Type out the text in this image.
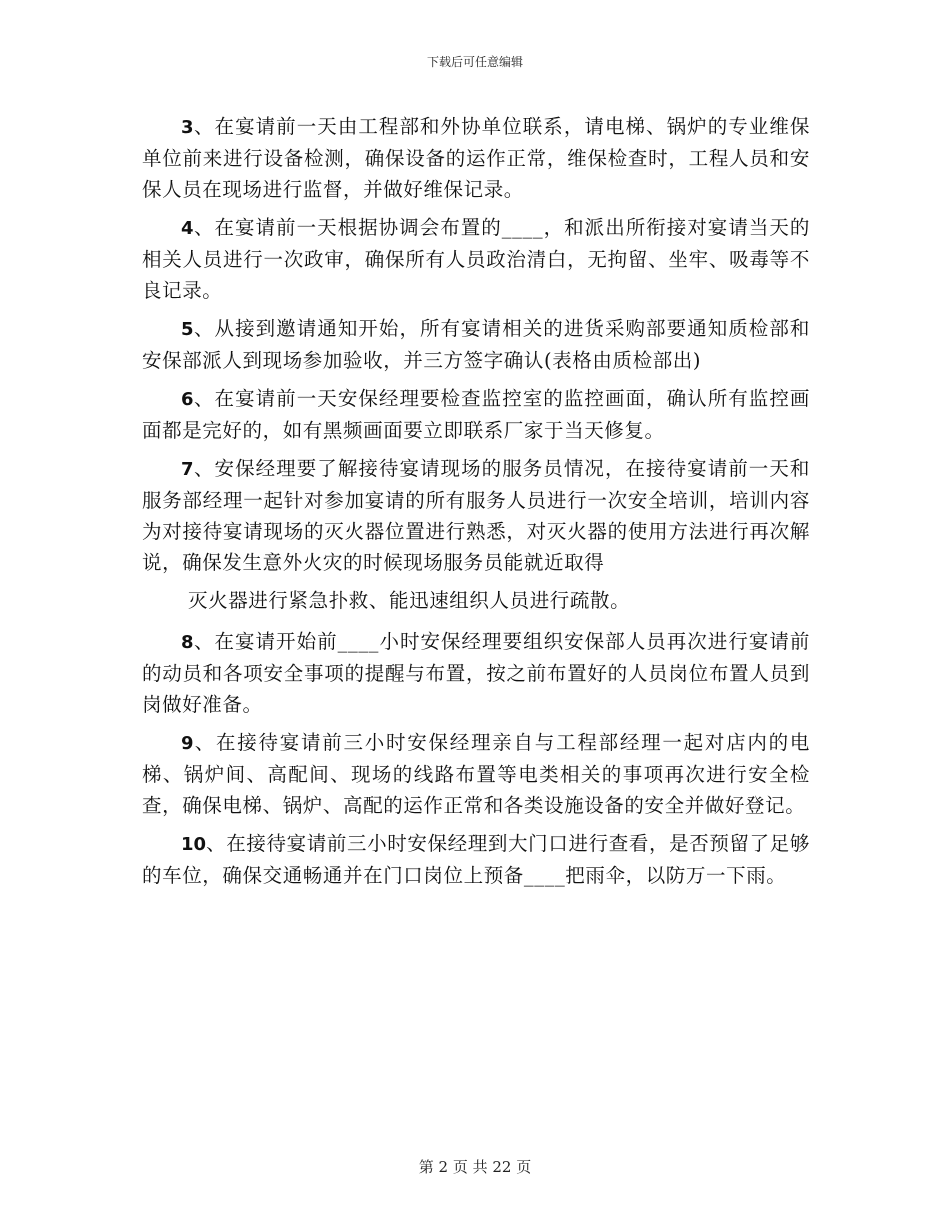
下载后可任意编辑

3、在宴请前一天由工程部和外协单位联系，请电梯、锅炉的专业维保单位前来进行设备检测，确保设备的运作正常，维保检查时，工程人员和安保人员在现场进行监督，并做好维保记录。

4、在宴请前一天根据协调会布置的____，和派出所衔接对宴请当天的相关人员进行一次政审，确保所有人员政治清白，无拘留、坐牢、吸毒等不良记录。

5、从接到邀请通知开始，所有宴请相关的进货采购部要通知质检部和安保部派人到现场参加验收，并三方签字确认(表格由质检部出)

6、在宴请前一天安保经理要检查监控室的监控画面，确认所有监控画面都是完好的，如有黑频画面要立即联系厂家于当天修复。

7、安保经理要了解接待宴请现场的服务员情况，在接待宴请前一天和服务部经理一起针对参加宴请的所有服务人员进行一次安全培训，培训内容为对接待宴请现场的灭火器位置进行熟悉，对灭火器的使用方法进行再次解说，确保发生意外火灾的时候现场服务员能就近取得

灭火器进行紧急扑救、能迅速组织人员进行疏散。

8、在宴请开始前____小时安保经理要组织安保部人员再次进行宴请前的动员和各项安全事项的提醒与布置，按之前布置好的人员岗位布置人员到岗做好准备。

9、在接待宴请前三小时安保经理亲自与工程部经理一起对店内的电梯、锅炉间、高配间、现场的线路布置等电类相关的事项再次进行安全检查，确保电梯、锅炉、高配的运作正常和各类设施设备的安全并做好登记。

10、在接待宴请前三小时安保经理到大门口进行查看，是否预留了足够的车位，确保交通畅通并在门口岗位上预备____把雨伞，以防万一下雨。

第 2 页 共 22 页
